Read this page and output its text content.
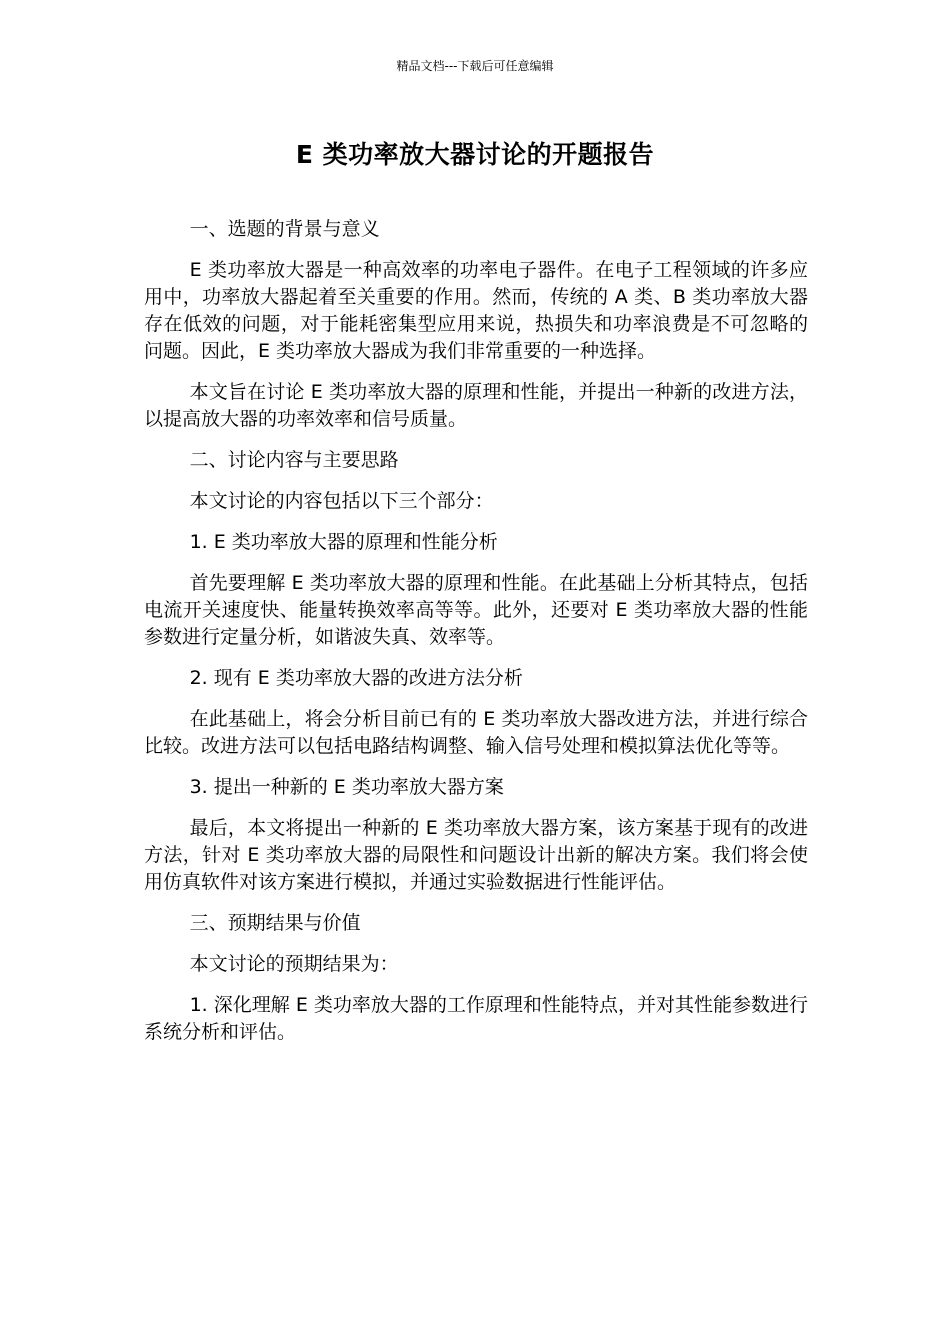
精品文档---下载后可任意编辑
E 类功率放大器讨论的开题报告

一、选题的背景与意义

E 类功率放大器是一种高效率的功率电子器件。在电子工程领域的许多应用中，功率放大器起着至关重要的作用。然而，传统的 A 类、B 类功率放大器存在低效的问题，对于能耗密集型应用来说，热损失和功率浪费是不可忽略的问题。因此，E 类功率放大器成为我们非常重要的一种选择。

本文旨在讨论 E 类功率放大器的原理和性能，并提出一种新的改进方法，以提高放大器的功率效率和信号质量。

二、讨论内容与主要思路

本文讨论的内容包括以下三个部分：

1. E 类功率放大器的原理和性能分析

首先要理解 E 类功率放大器的原理和性能。在此基础上分析其特点，包括电流开关速度快、能量转换效率高等等。此外，还要对 E 类功率放大器的性能参数进行定量分析，如谐波失真、效率等。

2. 现有 E 类功率放大器的改进方法分析

在此基础上，将会分析目前已有的 E 类功率放大器改进方法，并进行综合比较。改进方法可以包括电路结构调整、输入信号处理和模拟算法优化等等。

3. 提出一种新的 E 类功率放大器方案

最后，本文将提出一种新的 E 类功率放大器方案，该方案基于现有的改进方法，针对 E 类功率放大器的局限性和问题设计出新的解决方案。我们将会使用仿真软件对该方案进行模拟，并通过实验数据进行性能评估。

三、预期结果与价值

本文讨论的预期结果为：

1. 深化理解 E 类功率放大器的工作原理和性能特点，并对其性能参数进行系统分析和评估。
